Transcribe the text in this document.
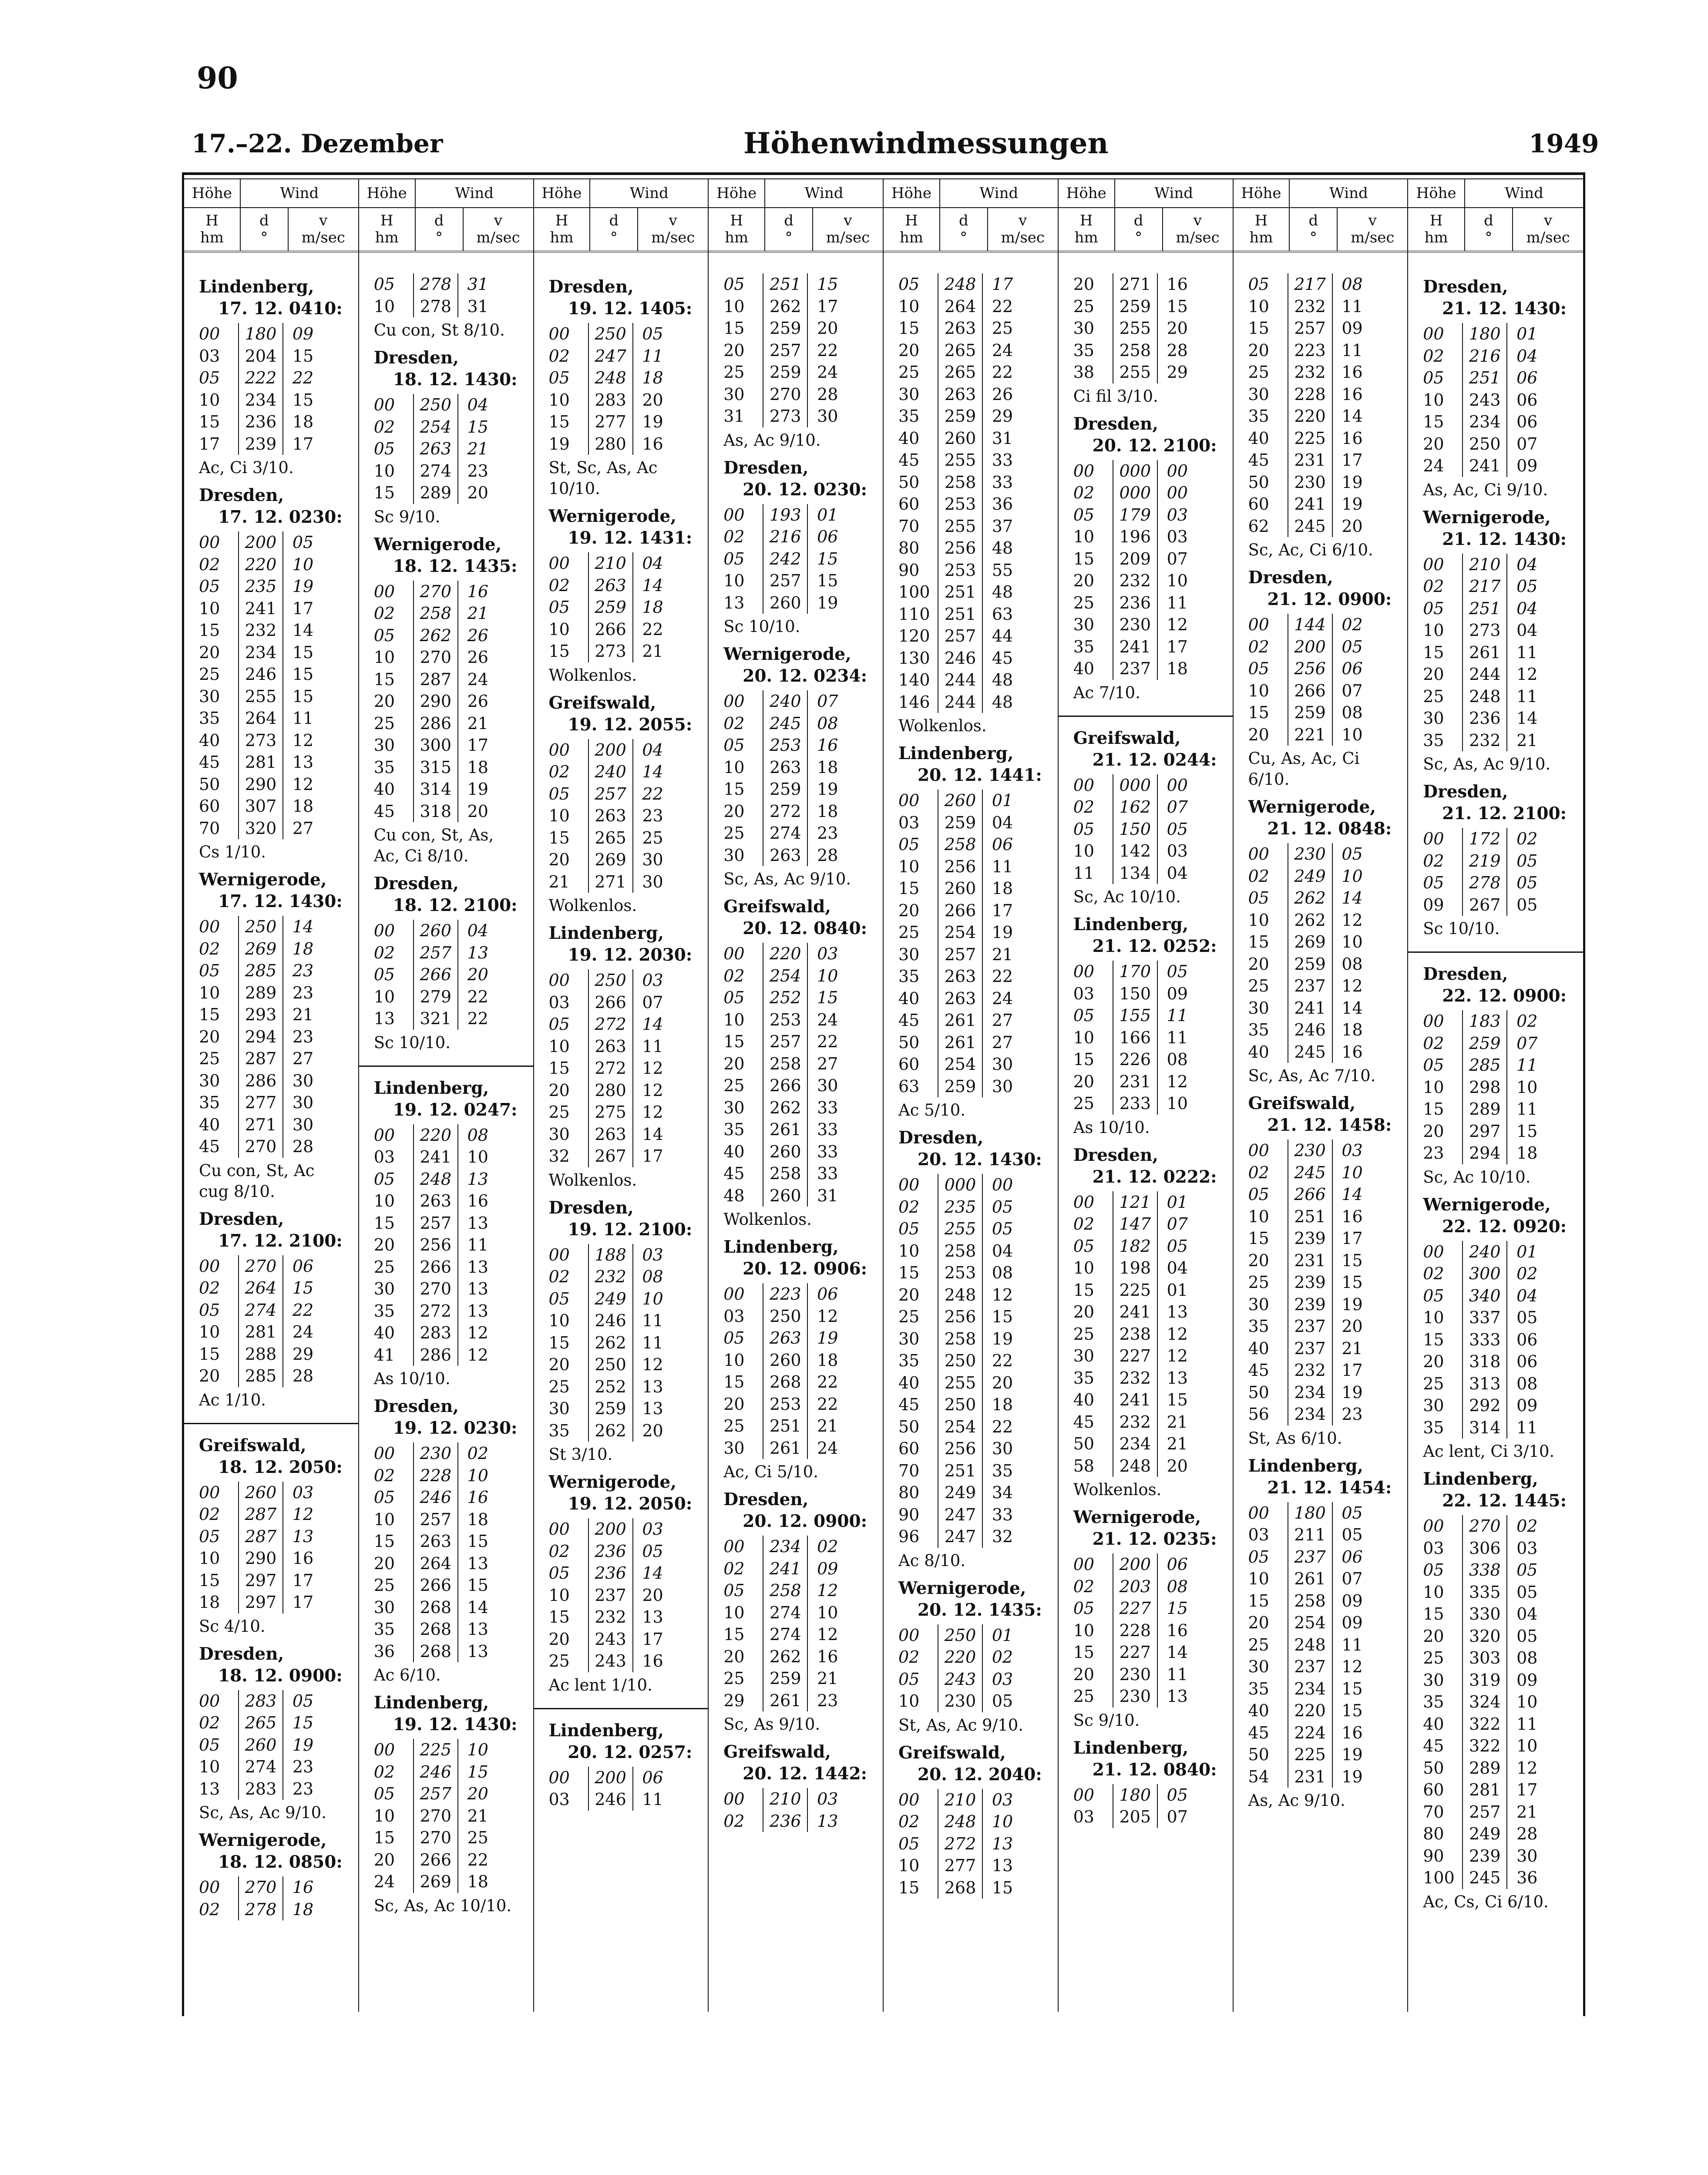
90
17.–22. Dezember	Höhenwindmessungen	1949
Höhe	Wind
H
hm
d
°
v
m/sec
Lindenberg,
17. 12. 0410:
00	180 09
03	204 15
05	222 22
10	234 15
15	236 18
17	239 17
Ac, Ci 3/10.
Dresden,
17. 12. 0230:
00	200 05
02	220 10
05	235 19
10	241 17
15	232 14
20	234 15
25	246 15
30	255 15
35	264 11
40	273 12
45	281 13
50	290 12
60	307 18
70	320 27
Cs 1/10.
Wernigerode,
17. 12. 1430:
00	250 14
02	269 18
05	285 23
10	289 23
15	293 21
20	294 23
25	287 27
30	286 30
35	277 30
40	271 30
45	270 28
Cu con, St, Ac cug 8/10.
Dresden,
17. 12. 2100:
00	270 06
02	264 15
05	274 22
10	281 24
15	288 29
20	285 28
Ac 1/10.
Greifswald,
18. 12. 2050:
00	260 03
02	287 12
05	287 13
10	290 16
15	297 17
18	297 17
Sc 4/10.
Dresden,
18. 12. 0900:
00	283 05
02	265 15
05	260 19
10	274 23
13	283 23
Sc, As, Ac 9/10.
Wernigerode,
18. 12. 0850:
00	270 16
02	278 18
Höhe	Wind
H
hm
d
°
v
m/sec
05	278 31
10	278 31
Cu con, St 8/10.
Dresden,
18. 12. 1430:
00	250 04
02	254 15
05	263 21
10	274 23
15	289 20
Sc 9/10.
Wernigerode,
18. 12. 1435:
00	270 16
02	258 21
05	262 26
10	270 26
15	287 24
20	290 26
25	286 21
30	300 17
35	315 18
40	314 19
45	318 20
Cu con, St, As, Ac, Ci 8/10.
Dresden,
18. 12. 2100:
00	260 04
02	257 13
05	266 20
10	279 22
13	321 22
Sc 10/10.
Lindenberg,
19. 12. 0247:
00	220 08
03	241 10
05	248 13
10	263 16
15	257 13
20	256 11
25	266 13
30	270 13
35	272 13
40	283 12
41	286 12
As 10/10.
Dresden,
19. 12. 0230:
00	230 02
02	228 10
05	246 16
10	257 18
15	263 15
20	264 13
25	266 15
30	268 14
35	268 13
36	268 13
Ac 6/10.
Lindenberg,
19. 12. 1430:
00	225 10
02	246 15
05	257 20
10	270 21
15	270 25
20	266 22
24	269 18
Sc, As, Ac 10/10.
Höhe	Wind
H
hm
d
°
v
m/sec
Dresden,
19. 12. 1405:
00	250 05
02	247 11
05	248 18
10	283 20
15	277 19
19	280 16
St, Sc, As, Ac 10/10.
Wernigerode,
19. 12. 1431:
00	210 04
02	263 14
05	259 18
10	266 22
15	273 21
Wolkenlos.
Greifswald,
19. 12. 2055:
00	200 04
02	240 14
05	257 22
10	263 23
15	265 25
20	269 30
21	271 30
Wolkenlos.
Lindenberg,
19. 12. 2030:
00	250 03
03	266 07
05	272 14
10	263 11
15	272 12
20	280 12
25	275 12
30	263 14
32	267 17
Wolkenlos.
Dresden,
19. 12. 2100:
00	188 03
02	232 08
05	249 10
10	246 11
15	262 11
20	250 12
25	252 13
30	259 13
35	262 20
St 3/10.
Wernigerode,
19. 12. 2050:
00	200 03
02	236 05
05	236 14
10	237 20
15	232 13
20	243 17
25	243 16
Ac lent 1/10.
Lindenberg,
20. 12. 0257:
00	200 06
03	246 11
Höhe	Wind
H
hm
d
°
v
m/sec
05	251 15
10	262 17
15	259 20
20	257 22
25	259 24
30	270 28
31	273 30
As, Ac 9/10.
Dresden,
20. 12. 0230:
00	193 01
02	216 06
05	242 15
10	257 15
13	260 19
Sc 10/10.
Wernigerode,
20. 12. 0234:
00	240 07
02	245 08
05	253 16
10	263 18
15	259 19
20	272 18
25	274 23
30	263 28
Sc, As, Ac 9/10.
Greifswald,
20. 12. 0840:
00	220 03
02	254 10
05	252 15
10	253 24
15	257 22
20	258 27
25	266 30
30	262 33
35	261 33
40	260 33
45	258 33
48	260 31
Wolkenlos.
Lindenberg,
20. 12. 0906:
00	223 06
03	250 12
05	263 19
10	260 18
15	268 22
20	253 22
25	251 21
30	261 24
Ac, Ci 5/10.
Dresden,
20. 12. 0900:
00	234 02
02	241 09
05	258 12
10	274 10
15	274 12
20	262 16
25	259 21
29	261 23
Sc, As 9/10.
Greifswald,
20. 12. 1442:
00	210 03
02	236 13
Höhe	Wind
H
hm
d
°
v
m/sec
05	248 17
10	264 22
15	263 25
20	265 24
25	265 22
30	263 26
35	259 29
40	260 31
45	255 33
50	258 33
60	253 36
70	255 37
80	256 48
90	253 55
100 251 48
110 251 63
120 257 44
130 246 45
140 244 48
146 244 48
Wolkenlos.
Lindenberg,
20. 12. 1441:
00	260 01
03	259 04
05	258 06
10	256 11
15	260 18
20	266 17
25	254 19
30	257 21
35	263 22
40	263 24
45	261 27
50	261 27
60	254 30
63	259 30
Ac 5/10.
Dresden,
20. 12. 1430:
00	000 00
02	235 05
05	255 05
10	258 04
15	253 08
20	248 12
25	256 15
30	258 19
35	250 22
40	255 20
45	250 18
50	254 22
60	256 30
70	251 35
80	249 34
90	247 33
96	247 32
Ac 8/10.
Wernigerode,
20. 12. 1435:
00	250 01
02	220 02
05	243 03
10	230 05
St, As, Ac 9/10.
Greifswald,
20. 12. 2040:
00	210 03
02	248 10
05	272 13
10	277 13
15	268 15
Höhe	Wind
H
hm
d
°
v
m/sec
20	271 16
25	259 15
30	255 20
35	258 28
38	255 29
Ci fil 3/10.
Dresden,
20. 12. 2100:
00	000 00
02	000 00
05	179 03
10	196 03
15	209 07
20	232 10
25	236 11
30	230 12
35	241 17
40	237 18
Ac 7/10.
Greifswald,
21. 12. 0244:
00	000 00
02	162 07
05	150 05
10	142 03
11	134 04
Sc, Ac 10/10.
Lindenberg,
21. 12. 0252:
00	170 05
03	150 09
05	155 11
10	166 11
15	226 08
20	231 12
25	233 10
As 10/10.
Dresden,
21. 12. 0222:
00	121 01
02	147 07
05	182 05
10	198 04
15	225 01
20	241 13
25	238 12
30	227 12
35	232 13
40	241 15
45	232 21
50	234 21
58	248 20
Wolkenlos.
Wernigerode,
21. 12. 0235:
00	200 06
02	203 08
05	227 15
10	228 16
15	227 14
20	230 11
25	230 13
Sc 9/10.
Lindenberg,
21. 12. 0840:
00	180 05
03	205 07
Höhe	Wind
H
hm
d
°
v
m/sec
05	217 08
10	232 11
15	257 09
20	223 11
25	232 16
30	228 16
35	220 14
40	225 16
45	231 17
50	230 19
60	241 19
62	245 20
Sc, Ac, Ci 6/10.
Dresden,
21. 12. 0900:
00	144 02
02	200 05
05	256 06
10	266 07
15	259 08
20	221 10
Cu, As, Ac, Ci 6/10.
Wernigerode,
21. 12. 0848:
00	230 05
02	249 10
05	262 14
10	262 12
15	269 10
20	259 08
25	237 12
30	241 14
35	246 18
40	245 16
Sc, As, Ac 7/10.
Greifswald,
21. 12. 1458:
00	230 03
02	245 10
05	266 14
10	251 16
15	239 17
20	231 15
25	239 15
30	239 19
35	237 20
40	237 21
45	232 17
50	234 19
56	234 23
St, As 6/10.
Lindenberg,
21. 12. 1454:
00	180 05
03	211 05
05	237 06
10	261 07
15	258 09
20	254 09
25	248 11
30	237 12
35	234 15
40	220 15
45	224 16
50	225 19
54	231 19
As, Ac 9/10.
Höhe	Wind
H
hm
d
°
v
m/sec
Dresden,
21. 12. 1430:
00	180 01
02	216 04
05	251 06
10	243 06
15	234 06
20	250 07
24	241 09
As, Ac, Ci 9/10.
Wernigerode,
21. 12. 1430:
00	210 04
02	217 05
05	251 04
10	273 04
15	261 11
20	244 12
25	248 11
30	236 14
35	232 21
Sc, As, Ac 9/10.
Dresden,
21. 12. 2100:
00	172 02
02	219 05
05	278 05
09	267 05
Sc 10/10.
Dresden,
22. 12. 0900:
00	183 02
02	259 07
05	285 11
10	298 10
15	289 11
20	297 15
23	294 18
Sc, Ac 10/10.
Wernigerode,
22. 12. 0920:
00	240 01
02	300 02
05	340 04
10	337 05
15	333 06
20	318 06
25	313 08
30	292 09
35	314 11
Ac lent, Ci 3/10.
Lindenberg,
22. 12. 1445:
00	270 02
03	306 03
05	338 05
10	335 05
15	330 04
20	320 05
25	303 08
30	319 09
35	324 10
40	322 11
45	322 10
50	289 12
60	281 17
70	257 21
80	249 28
90	239 30
100 245 36
Ac, Cs, Ci 6/10.
